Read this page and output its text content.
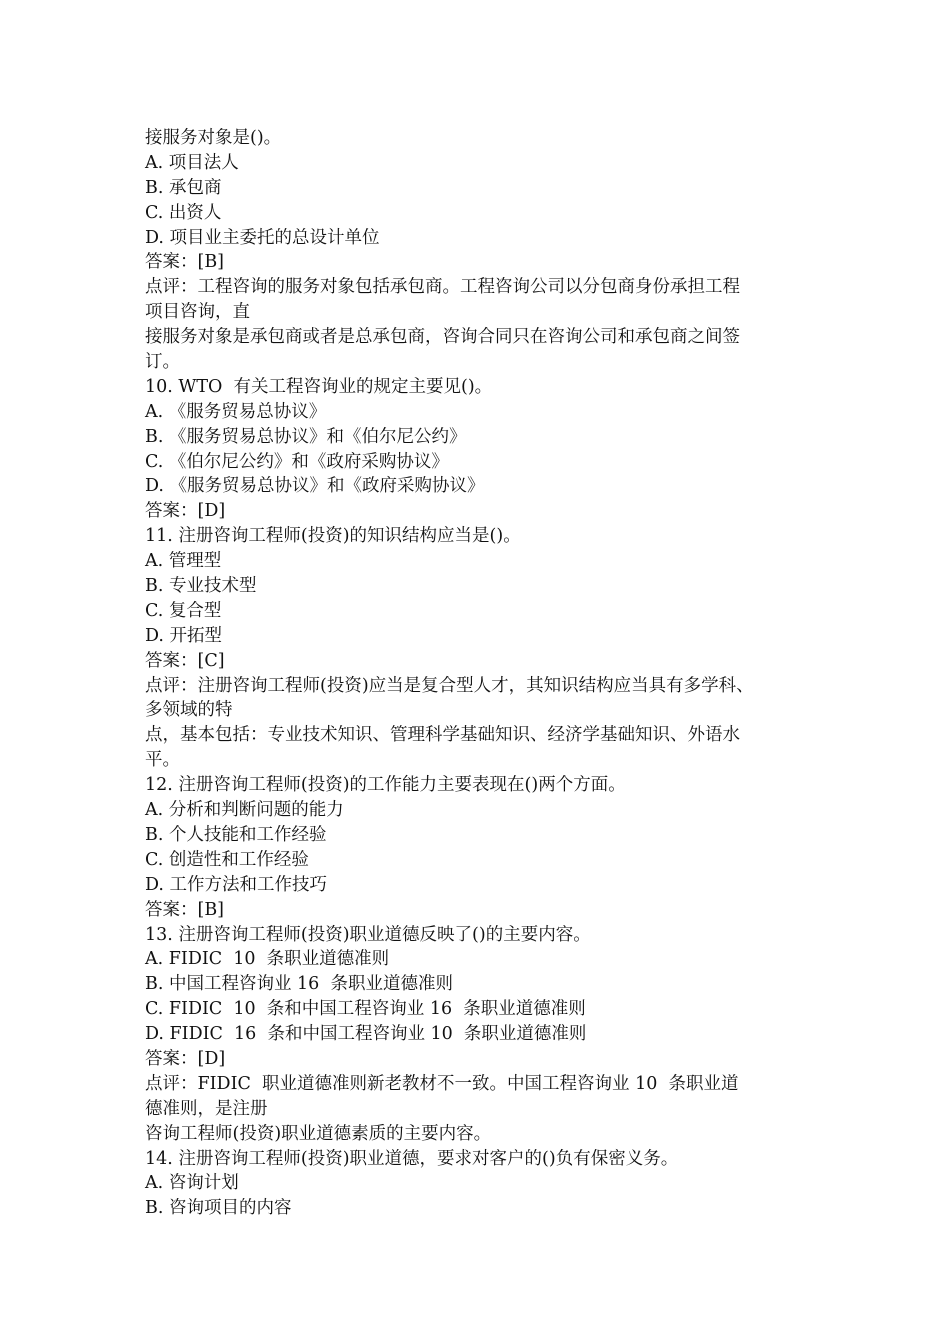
接服务对象是()。
A. 项目法人
B. 承包商
C. 出资人
D. 项目业主委托的总设计单位
答案：[B]
点评：工程咨询的服务对象包括承包商。工程咨询公司以分包商身份承担工程
项目咨询，直
接服务对象是承包商或者是总承包商，咨询合同只在咨询公司和承包商之间签
订。
10. WTO  有关工程咨询业的规定主要见()。
A. 《服务贸易总协议》
B. 《服务贸易总协议》和《伯尔尼公约》
C. 《伯尔尼公约》和《政府采购协议》
D. 《服务贸易总协议》和《政府采购协议》
答案：[D]
11. 注册咨询工程师(投资)的知识结构应当是()。
A. 管理型
B. 专业技术型
C. 复合型
D. 开拓型
答案：[C]
点评：注册咨询工程师(投资)应当是复合型人才，其知识结构应当具有多学科、
多领域的特
点，基本包括：专业技术知识、管理科学基础知识、经济学基础知识、外语水
平。
12. 注册咨询工程师(投资)的工作能力主要表现在()两个方面。
A. 分析和判断问题的能力
B. 个人技能和工作经验
C. 创造性和工作经验
D. 工作方法和工作技巧
答案：[B]
13. 注册咨询工程师(投资)职业道德反映了()的主要内容。
A. FIDIC  10  条职业道德准则
B. 中国工程咨询业 16  条职业道德准则
C. FIDIC  10  条和中国工程咨询业 16  条职业道德准则
D. FIDIC  16  条和中国工程咨询业 10  条职业道德准则
答案：[D]
点评：FIDIC  职业道德准则新老教材不一致。中国工程咨询业 10  条职业道
德准则，是注册
咨询工程师(投资)职业道德素质的主要内容。
14. 注册咨询工程师(投资)职业道德，要求对客户的()负有保密义务。
A. 咨询计划
B. 咨询项目的内容
